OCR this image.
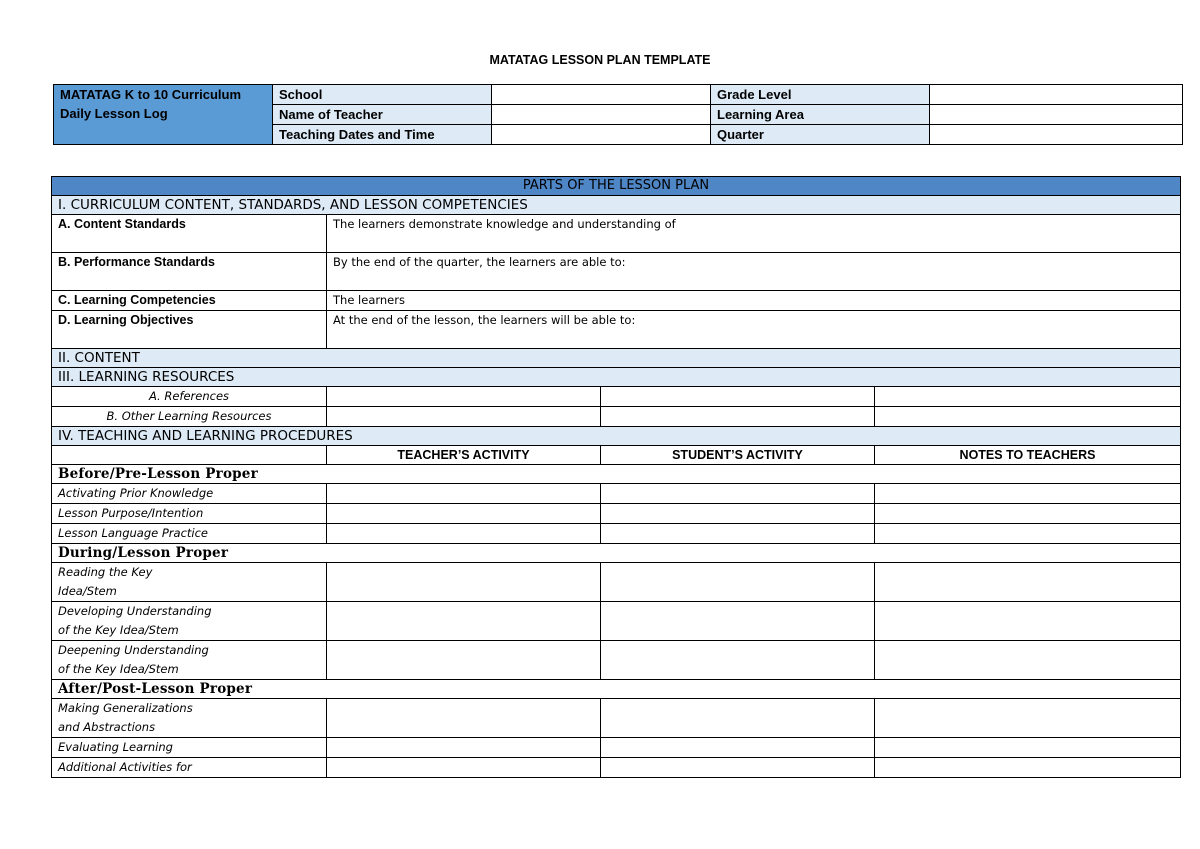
MATATAG LESSON PLAN TEMPLATE
MATATAG K to 10 Curriculum
Daily Lesson Log	School		Grade Level	
	Name of Teacher		Learning Area	
	Teaching Dates and Time		Quarter	
PARTS OF THE LESSON PLAN			
I. CURRICULUM CONTENT, STANDARDS, AND LESSON COMPETENCIES			
A. Content Standards	The learners demonstrate knowledge and understanding of		
B. Performance Standards	By the end of the quarter, the learners are able to:		
C. Learning Competencies	The learners		
D. Learning Objectives	At the end of the lesson, the learners will be able to:		
II. CONTENT			
III. LEARNING RESOURCES			
A. References			
B. Other Learning Resources			
IV. TEACHING AND LEARNING PROCEDURES			
	TEACHER’S ACTIVITY	STUDENT’S ACTIVITY	NOTES TO TEACHERS
Before/Pre-Lesson Proper			
Activating Prior Knowledge			
Lesson Purpose/Intention			
Lesson Language Practice			
During/Lesson Proper			

Reading the Key
Idea/Stem			

Developing Understanding
of the Key Idea/Stem			

Deepening Understanding
of the Key Idea/Stem			

After/Post-Lesson Proper			

Making Generalizations
and Abstractions			

Evaluating Learning			
Additional Activities for			
